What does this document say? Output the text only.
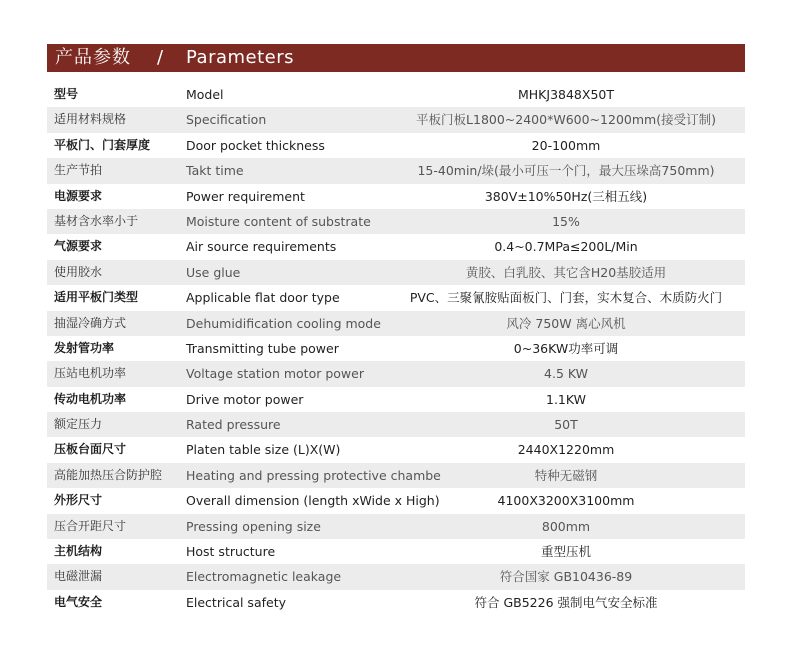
产品参数 / Parameters
型号	Model	MHKJ3848X50T
适用材料规格	Specification	平板门板L1800~2400*W600~1200mm(接受订制)
平板门、门套厚度	Door pocket thickness	20-100mm
生产节拍	Takt time	15-40min/垛(最小可压一个门，最大压垛高750mm)
电源要求	Power requirement	380V±10%50Hz(三相五线)
基材含水率小于	Moisture content of substrate	15%
气源要求	Air source requirements	0.4~0.7MPa≤200L/Min
使用胶水	Use glue	黄胶、白乳胶、其它含H20基胶适用
适用平板门类型	Applicable flat door type	PVC、三聚氰胺贴面板门、门套，实木复合、木质防火门
抽湿冷确方式	Dehumidification cooling mode	风冷 750W 离心风机
发射管功率	Transmitting tube power	0~36KW功率可调
压站电机功率	Voltage station motor power	4.5 KW
传动电机功率	Drive motor power	1.1KW
额定压力	Rated pressure	50T
压板台面尺寸	Platen table size (L)X(W)	2440X1220mm
高能加热压合防护腔 Heating and pressing protective chambe	特种无磁钢
外形尺寸	Overall dimension (length xWide x High)	4100X3200X3100mm
压合开距尺寸	Pressing opening size	800mm
主机结构	Host structure	重型压机
电磁泄漏	Electromagnetic leakage	符合国家 GB10436-89
电气安全	Electrical safety	符合 GB5226 强制电气安全标准
